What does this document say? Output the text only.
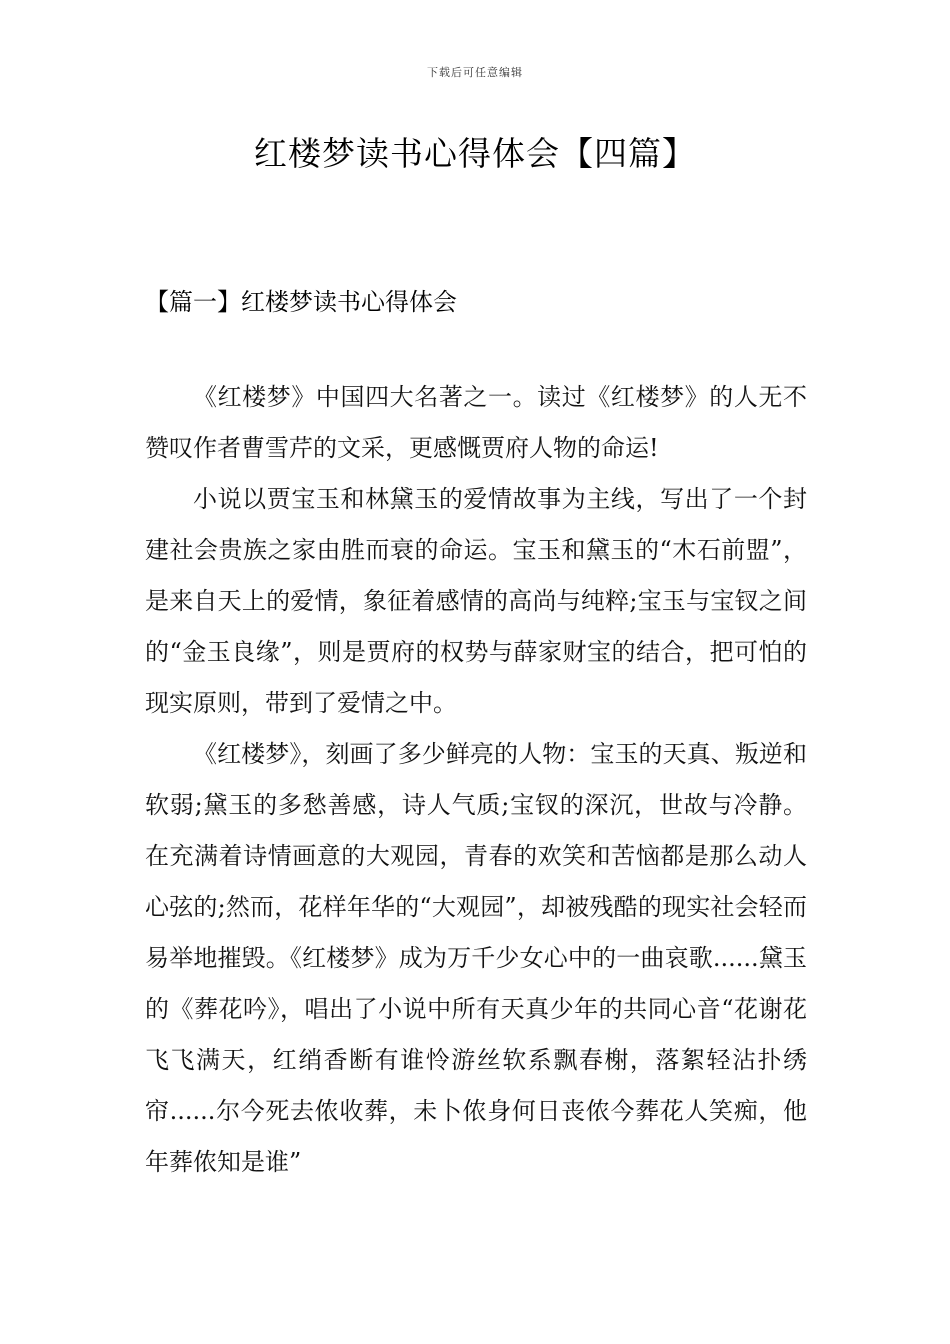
下载后可任意编辑
红楼梦读书心得体会【四篇】
【篇一】红楼梦读书心得体会

《红楼梦》中国四大名著之一。读过《红楼梦》的人无不赞叹作者曹雪芹的文采，更感慨贾府人物的命运!

小说以贾宝玉和林黛玉的爱情故事为主线，写出了一个封建社会贵族之家由胜而衰的命运。宝玉和黛玉的“木石前盟”，是来自天上的爱情，象征着感情的高尚与纯粹;宝玉与宝钗之间的“金玉良缘”，则是贾府的权势与薛家财宝的结合，把可怕的现实原则，带到了爱情之中。

《红楼梦》，刻画了多少鲜亮的人物：宝玉的天真、叛逆和软弱;黛玉的多愁善感，诗人气质;宝钗的深沉，世故与冷静。在充满着诗情画意的大观园，青春的欢笑和苦恼都是那么动人心弦的;然而，花样年华的“大观园”，却被残酷的现实社会轻而易举地摧毁。《红楼梦》成为万千少女心中的一曲哀歌......黛玉的《葬花吟》，唱出了小说中所有天真少年的共同心音“花谢花飞飞满天，红绡香断有谁怜游丝软系飘春榭，落絮轻沾扑绣帘......尔今死去侬收葬，未卜侬身何日丧侬今葬花人笑痴，他年葬侬知是谁”
